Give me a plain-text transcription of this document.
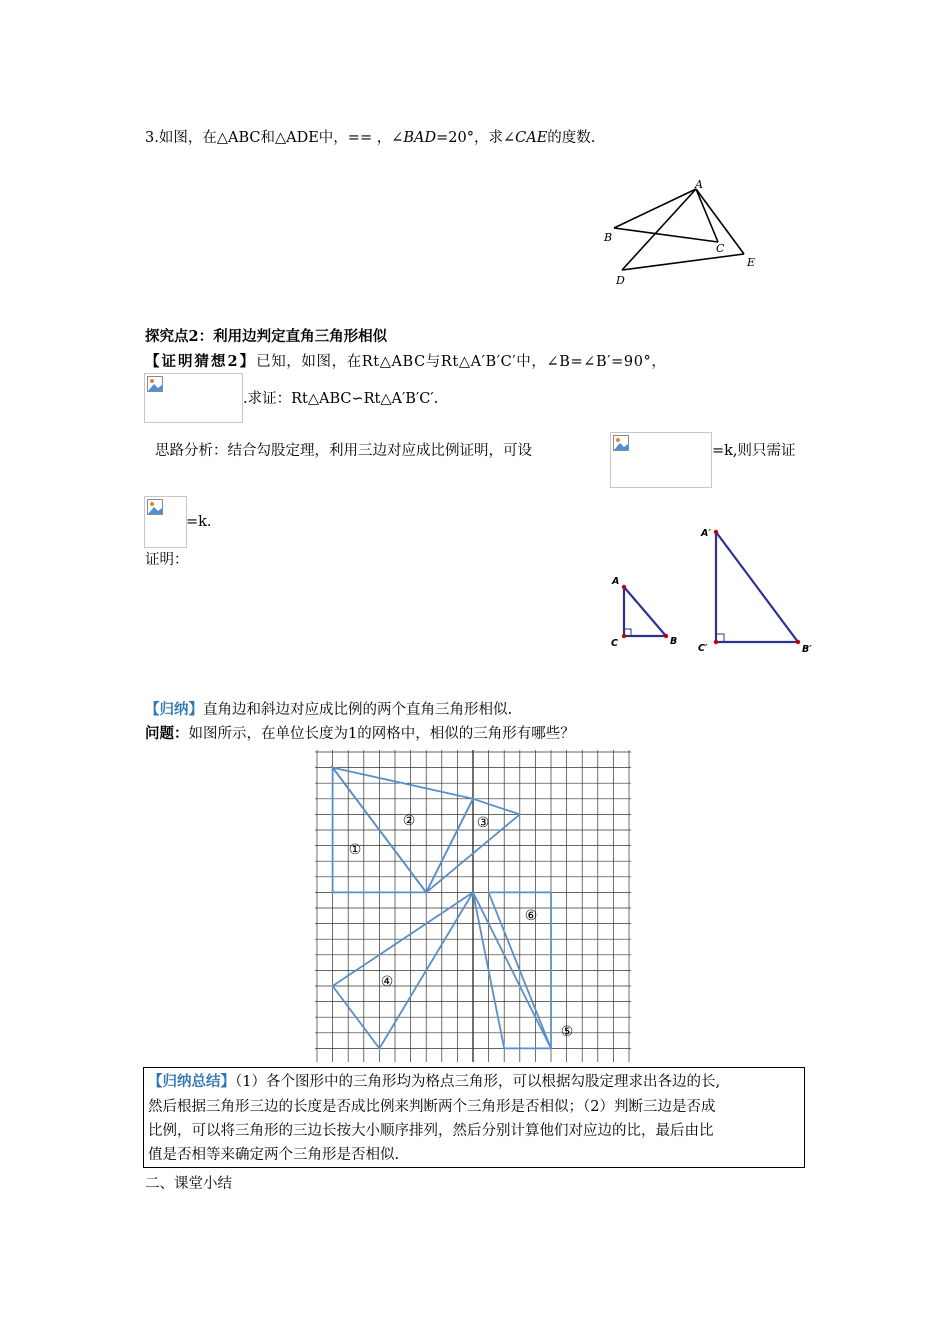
3.如图，在△ABC和△ADE中，== ，∠BAD=20°，求∠CAE的度数.
A
B
C
D
E
探究点2：利用边判定直角三角形相似
【证明猜想2】已知，如图，在Rt△ABC与Rt△A′B′C′中，∠B=∠B′=90°，
.求证：Rt△ABC∽Rt△A′B′C′.
思路分析：结合勾股定理，利用三边对应成比例证明，可设	=k,则只需证
=k.
证明：
A
C	B
A′
C′	B′
【归纳】直角边和斜边对应成比例的两个直角三角形相似.
问题：如图所示，在单位长度为1的网格中，相似的三角形有哪些？
①
②	③
④
⑤
⑥
【归纳总结】（1）各个图形中的三角形均为格点三角形，可以根据勾股定理求出各边的长,
然后根据三角形三边的长度是否成比例来判断两个三角形是否相似；（2）判断三边是否成
比例，可以将三角形的三边长按大小顺序排列，然后分别计算他们对应边的比，最后由比
值是否相等来确定两个三角形是否相似.
二、课堂小结
